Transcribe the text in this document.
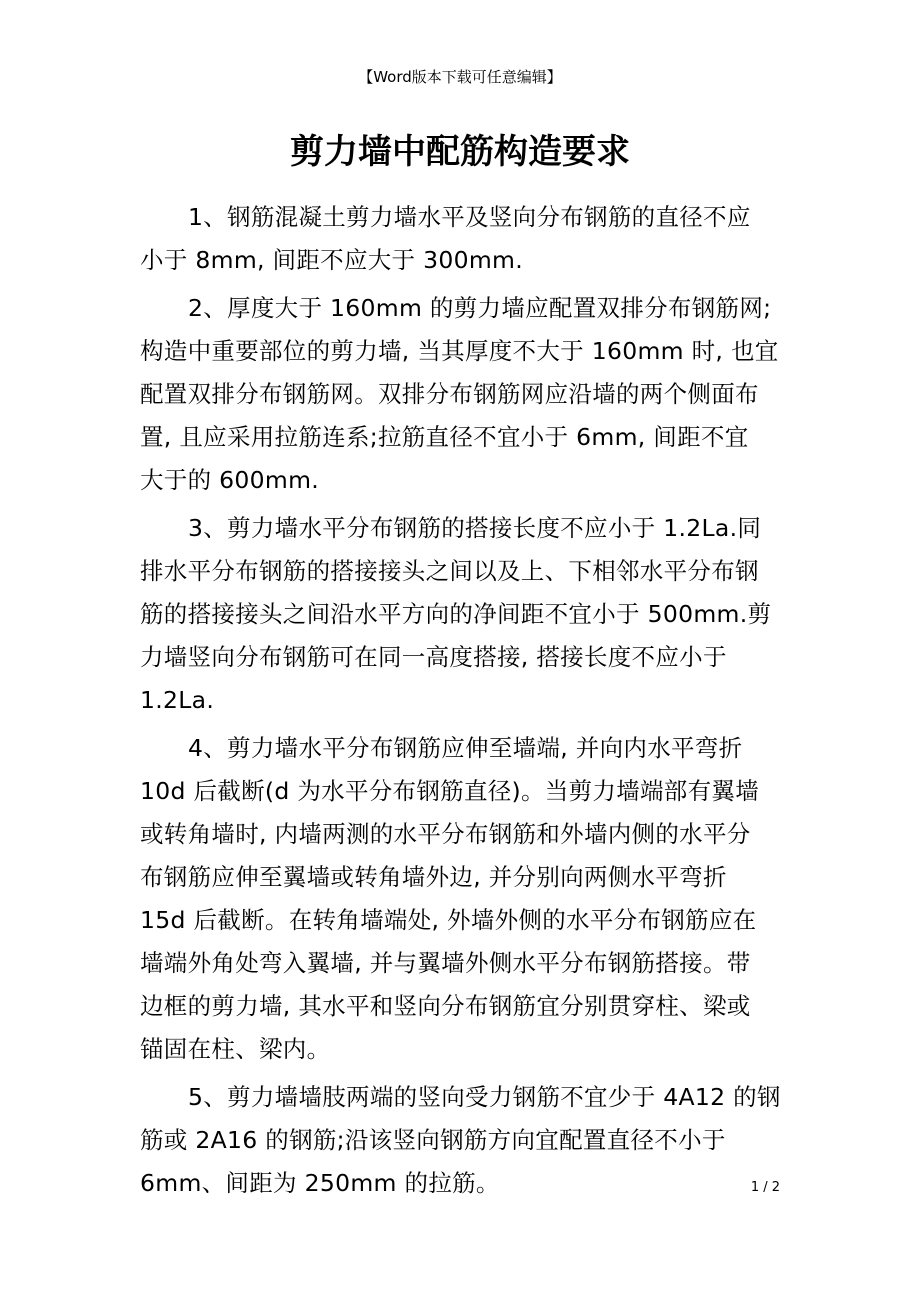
【Word版本下载可任意编辑】
剪力墙中配筋构造要求
1、钢筋混凝土剪力墙水平及竖向分布钢筋的直径不应
小于 8mm, 间距不应大于 300mm.
2、厚度大于 160mm 的剪力墙应配置双排分布钢筋网;
构造中重要部位的剪力墙, 当其厚度不大于 160mm 时, 也宜
配置双排分布钢筋网。双排分布钢筋网应沿墙的两个侧面布
置, 且应采用拉筋连系;拉筋直径不宜小于 6mm, 间距不宜
大于的 600mm.
3、剪力墙水平分布钢筋的搭接长度不应小于 1.2La.同
排水平分布钢筋的搭接接头之间以及上、下相邻水平分布钢
筋的搭接接头之间沿水平方向的净间距不宜小于 500mm.剪
力墙竖向分布钢筋可在同一高度搭接, 搭接长度不应小于
1.2La.
4、剪力墙水平分布钢筋应伸至墙端, 并向内水平弯折
10d 后截断(d 为水平分布钢筋直径)。当剪力墙端部有翼墙
或转角墙时, 内墙两测的水平分布钢筋和外墙内侧的水平分
布钢筋应伸至翼墙或转角墙外边, 并分别向两侧水平弯折
15d 后截断。在转角墙端处, 外墙外侧的水平分布钢筋应在
墙端外角处弯入翼墙, 并与翼墙外侧水平分布钢筋搭接。带
边框的剪力墙, 其水平和竖向分布钢筋宜分别贯穿柱、梁或
锚固在柱、梁内。
5、剪力墙墙肢两端的竖向受力钢筋不宜少于 4A12 的钢
筋或 2A16 的钢筋;沿该竖向钢筋方向宜配置直径不小于
6mm、间距为 250mm 的拉筋。	1 / 2
